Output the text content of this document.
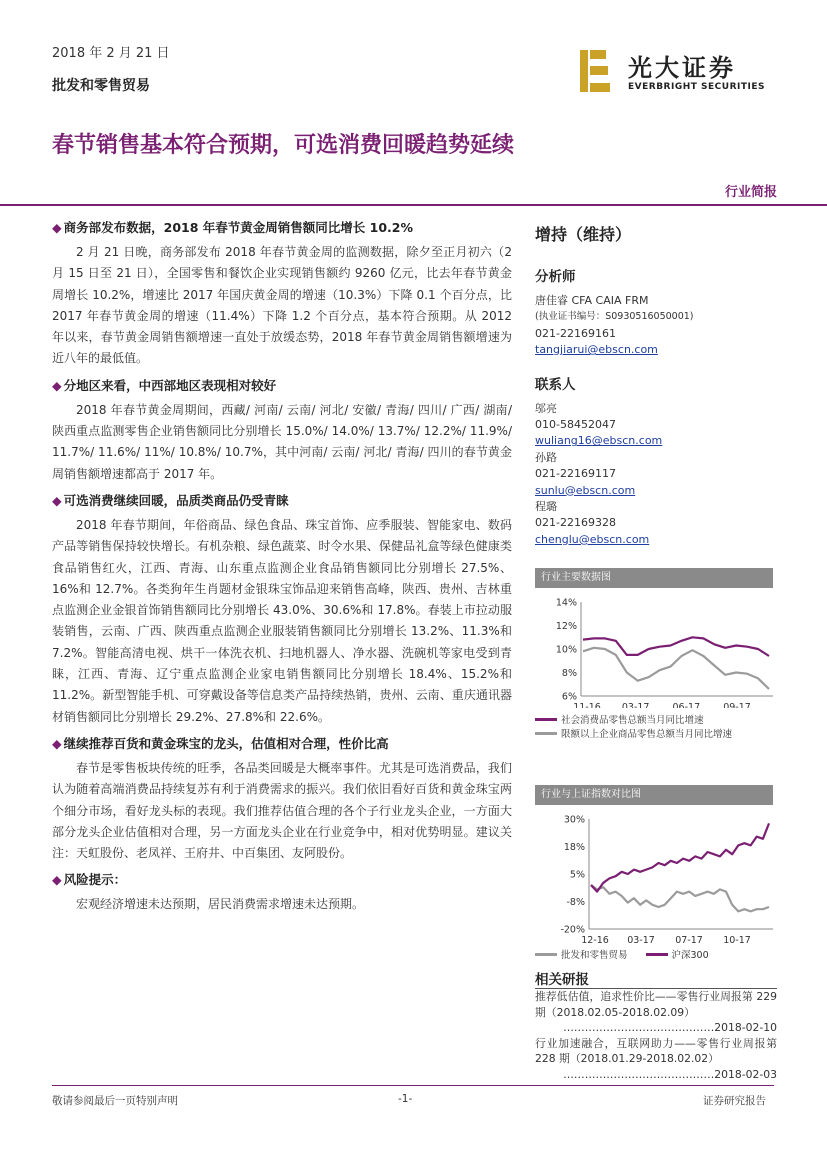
2018 年 2 月 21 日
批发和零售贸易
光大证券
EVERBRIGHT SECURITIES
春节销售基本符合预期，可选消费回暖趋势延续
行业简报
◆ 商务部发布数据，2018 年春节黄金周销售额同比增长 10.2%

2 月 21 日晚，商务部发布 2018 年春节黄金周的监测数据，除夕至正月初六（2 月 15 日至 21 日），全国零售和餐饮企业实现销售额约 9260 亿元，比去年春节黄金周增长 10.2%，增速比 2017 年国庆黄金周的增速（10.3%）下降 0.1 个百分点，比 2017 年春节黄金周的增速（11.4%）下降 1.2 个百分点，基本符合预期。从 2012 年以来，春节黄金周销售额增速一直处于放缓态势，2018 年春节黄金周销售额增速为近八年的最低值。

◆ 分地区来看，中西部地区表现相对较好

2018 年春节黄金周期间，西藏/ 河南/ 云南/ 河北/ 安徽/ 青海/ 四川/ 广西/ 湖南/ 陕西重点监测零售企业销售额同比分别增长 15.0%/ 14.0%/ 13.7%/ 12.2%/ 11.9%/ 11.7%/ 11.6%/ 11%/ 10.8%/ 10.7%，其中河南/ 云南/ 河北/ 青海/ 四川的春节黄金周销售额增速都高于 2017 年。

◆ 可选消费继续回暖，品质类商品仍受青睐

2018 年春节期间，年俗商品、绿色食品、珠宝首饰、应季服装、智能家电、数码产品等销售保持较快增长。有机杂粮、绿色蔬菜、时令水果、保健品礼盒等绿色健康类食品销售红火，江西、青海、山东重点监测企业食品销售额同比分别增长 27.5%、16%和 12.7%。各类狗年生肖题材金银珠宝饰品迎来销售高峰，陕西、贵州、吉林重点监测企业金银首饰销售额同比分别增长 43.0%、30.6%和 17.8%。春装上市拉动服装销售，云南、广西、陕西重点监测企业服装销售额同比分别增长 13.2%、11.3%和 7.2%。智能高清电视、烘干一体洗衣机、扫地机器人、净水器、洗碗机等家电受到青睐，江西、青海、辽宁重点监测企业家电销售额同比分别增长 18.4%、15.2%和 11.2%。新型智能手机、可穿戴设备等信息类产品持续热销，贵州、云南、重庆通讯器材销售额同比分别增长 29.2%、27.8%和 22.6%。

◆ 继续推荐百货和黄金珠宝的龙头，估值相对合理，性价比高

春节是零售板块传统的旺季，各品类回暖是大概率事件。尤其是可选消费品，我们认为随着高端消费品持续复苏有利于消费需求的振兴。我们依旧看好百货和黄金珠宝两个细分市场，看好龙头标的表现。我们推荐估值合理的各个子行业龙头企业，一方面大部分龙头企业估值相对合理，另一方面龙头企业在行业竞争中，相对优势明显。建议关注：天虹股份、老凤祥、王府井、中百集团、友阿股份。

◆ 风险提示：

宏观经济增速未达预期，居民消费需求增速未达预期。

增持（维持）
分析师
唐佳睿 CFA CAIA FRM
(执业证书编号：S0930516050001)
021-22169161
tangjiarui@ebscn.com
联系人
邬亮
010-58452047
wuliang16@ebscn.com
孙路
021-22169117
sunlu@ebscn.com
程璐
021-22169328
chenglu@ebscn.com
行业主要数据图
14%
12%
10%
8%
6%
11-16 03-17 06-17 09-17
社会消费品零售总额当月同比增速
限额以上企业商品零售总额当月同比增速
行业与上证指数对比图
30%
18%
5%
-8%
-20%
12-16 03-17 07-17 10-17
批发和零售贸易	沪深300
相关研报
推荐低估值，追求性价比——零售行业周报第 229 期（2018.02.05-2018.02.09）
……………………………………2018-02-10
行业加速融合，互联网助力——零售行业周报第 228 期（2018.01.29-2018.02.02）
……………………………………2018-02-03
敬请参阅最后一页特别声明	-1-	证券研究报告
